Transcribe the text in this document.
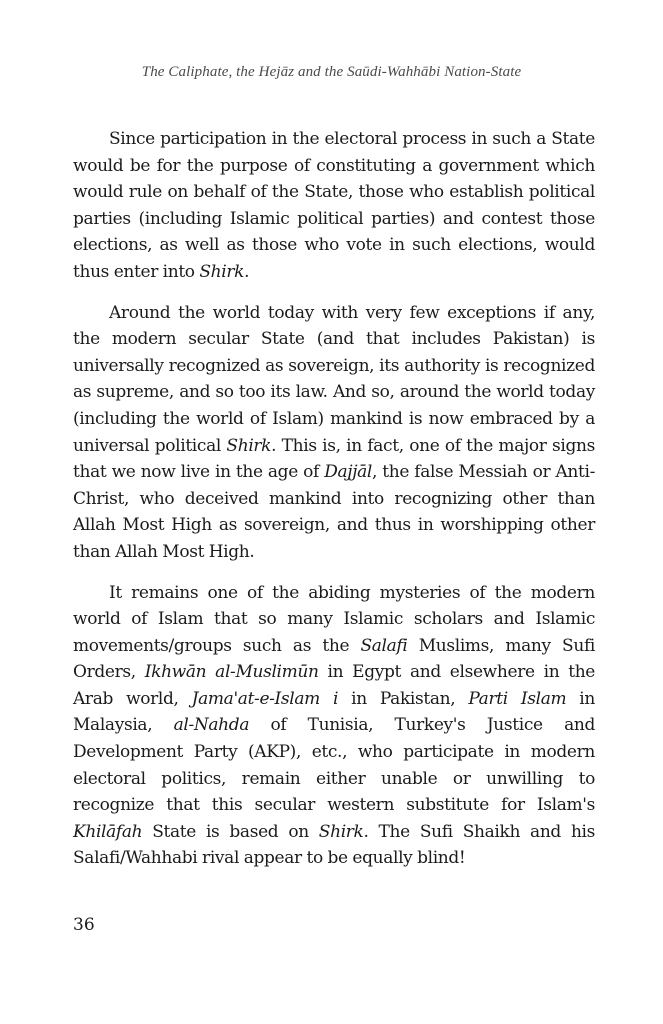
The Caliphate, the Hejāz and the Saūdi-Wahhābi Nation-State

Since participation in the electoral process in such a State would be for the purpose of constituting a government which would rule on behalf of the State, those who establish political parties (including Islamic political parties) and contest those elections, as well as those who vote in such elections, would thus enter into Shirk.

Around the world today with very few exceptions if any, the modern secular State (and that includes Pakistan) is universally recognized as sovereign, its authority is recognized as supreme, and so too its law. And so, around the world today (including the world of Islam) mankind is now embraced by a universal political Shirk. This is, in fact, one of the major signs that we now live in the age of Dajjāl, the false Messiah or Anti-Christ, who deceived mankind into recognizing other than Allah Most High as sovereign, and thus in worshipping other than Allah Most High.

It remains one of the abiding mysteries of the modern world of Islam that so many Islamic scholars and Islamic movements/groups such as the Salafi Muslims, many Sufi Orders, Ikhwān al-Muslimūn in Egypt and elsewhere in the Arab world, Jama'at-e-Islam i in Pakistan, Parti Islam in Malaysia, al-Nahda of Tunisia, Turkey's Justice and Development Party (AKP), etc., who participate in modern electoral politics, remain either unable or unwilling to recognize that this secular western substitute for Islam's Khilāfah State is based on Shirk. The Sufi Shaikh and his Salafi/Wahhabi rival appear to be equally blind!

36
